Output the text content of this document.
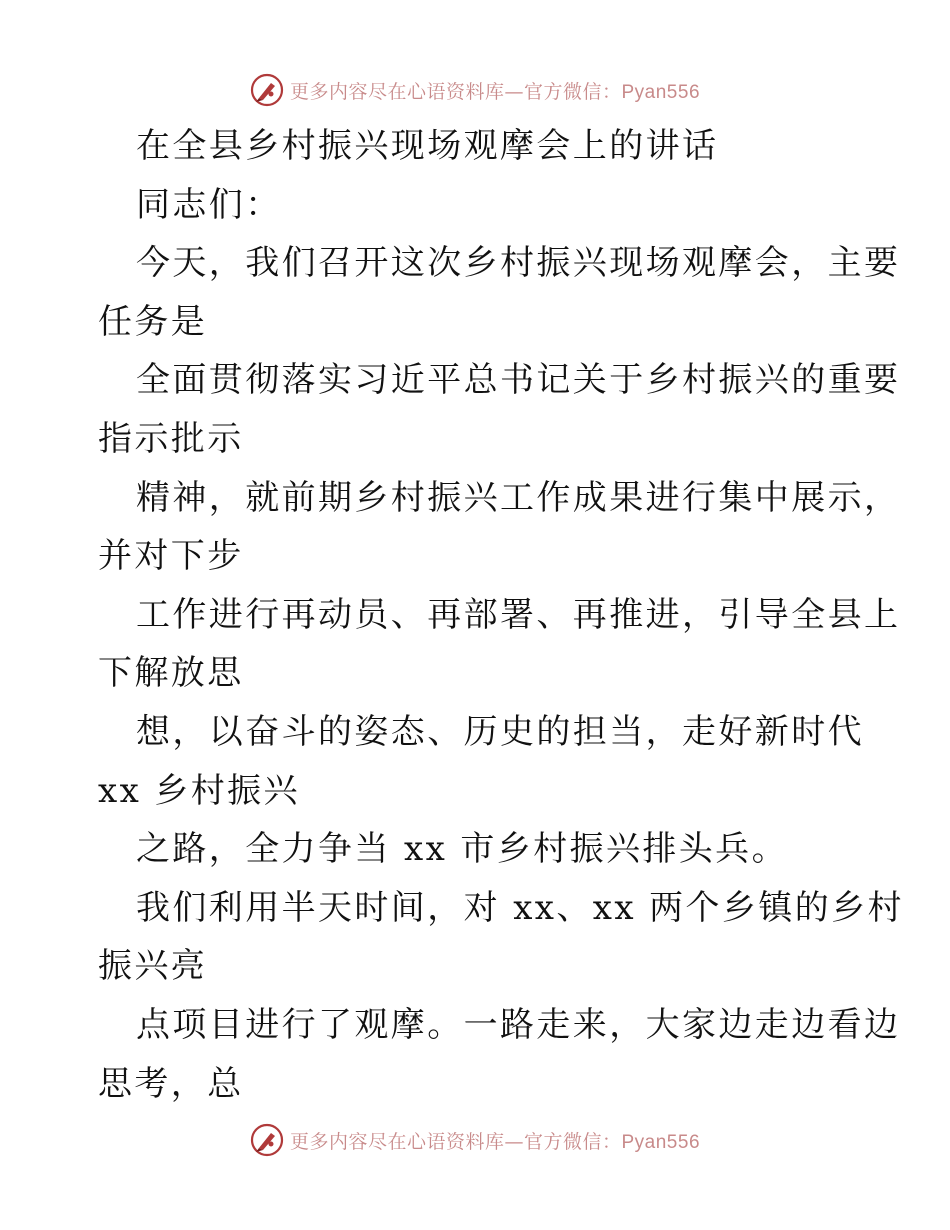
更多内容尽在心语资料库—官方微信：Pyan556
在全县乡村振兴现场观摩会上的讲话
同志们：
今天，我们召开这次乡村振兴现场观摩会，主要
任务是
全面贯彻落实习近平总书记关于乡村振兴的重要
指示批示
精神，就前期乡村振兴工作成果进行集中展示，
并对下步
工作进行再动员、再部署、再推进，引导全县上
下解放思
想，以奋斗的姿态、历史的担当，走好新时代
xx 乡村振兴
之路，全力争当 xx 市乡村振兴排头兵。
我们利用半天时间，对 xx、xx 两个乡镇的乡村
振兴亮
点项目进行了观摩。一路走来，大家边走边看边
思考，总
更多内容尽在心语资料库—官方微信：Pyan556
